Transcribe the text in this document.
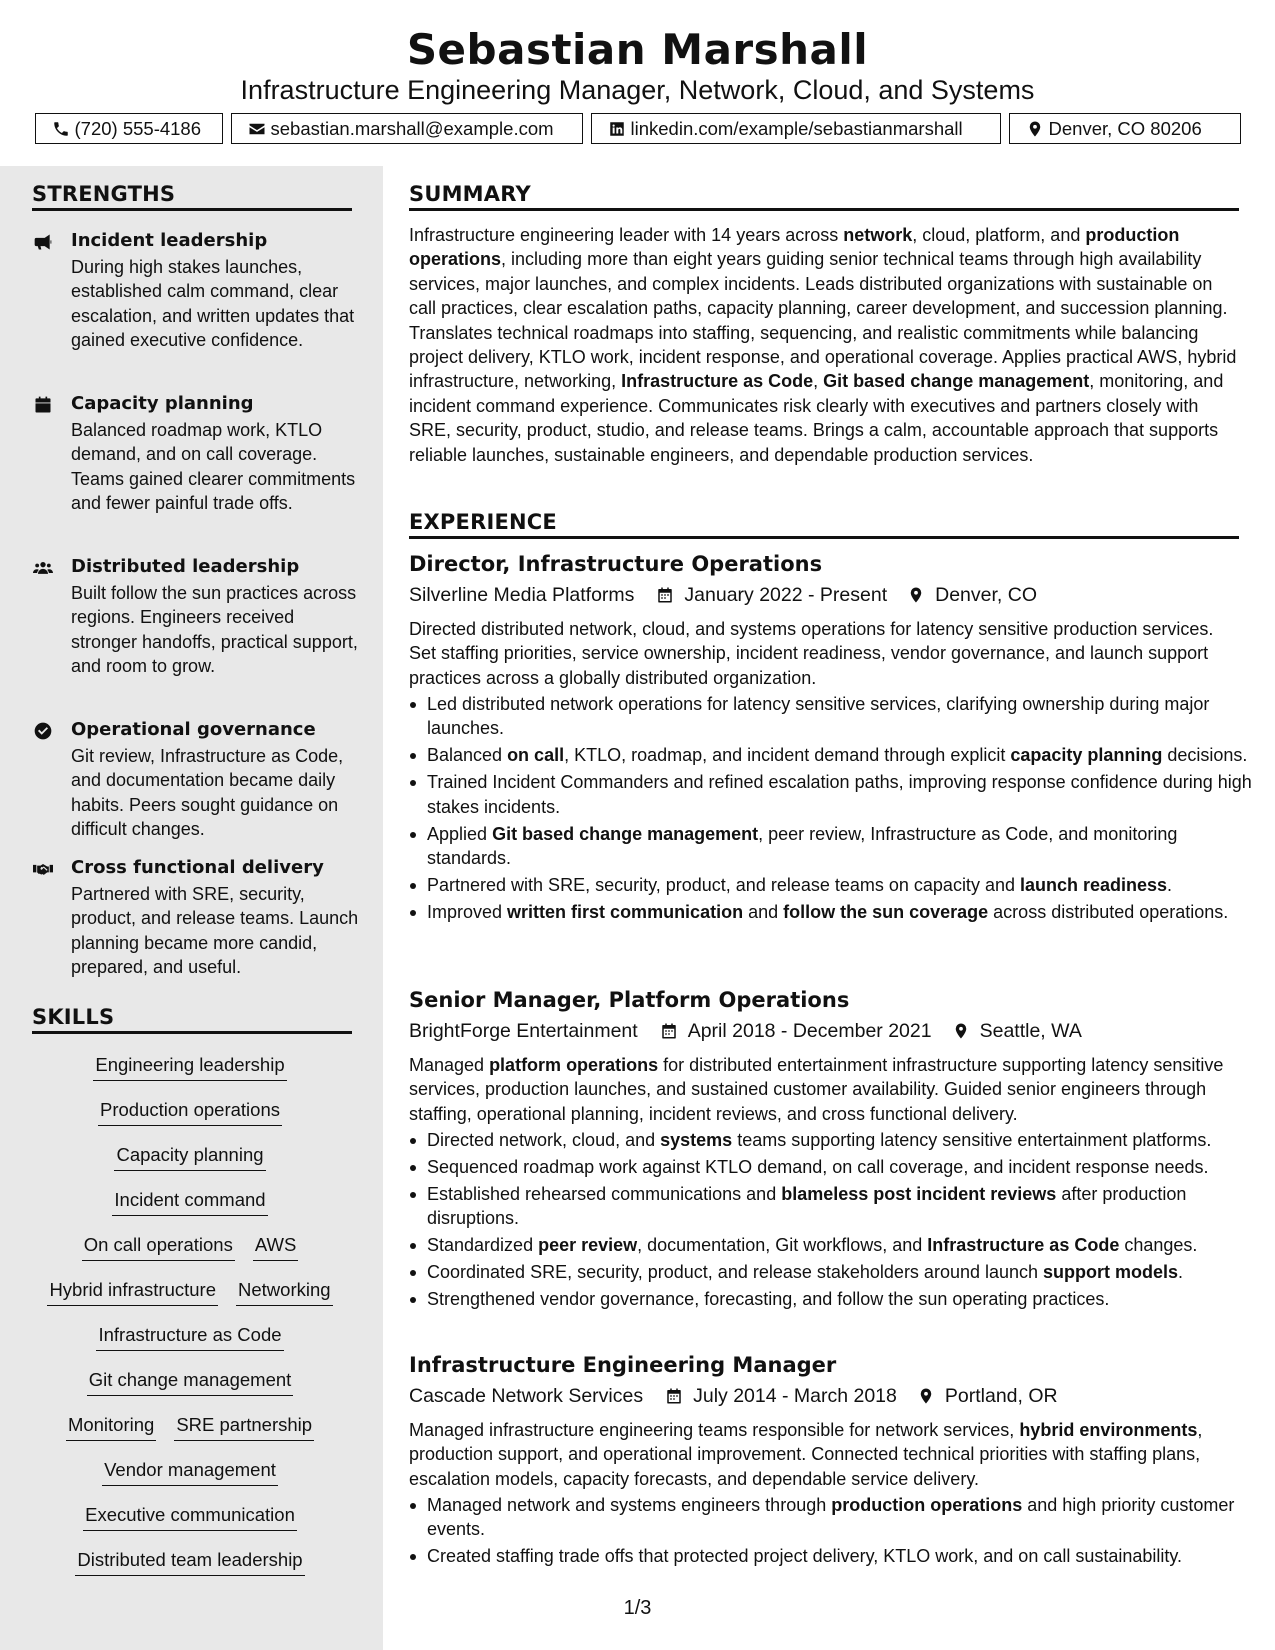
Sebastian Marshall
Infrastructure Engineering Manager, Network, Cloud, and Systems
(720) 555-4186	sebastian.marshall@example.com	linkedin.com/example/sebastianmarshall	Denver, CO 80206
STRENGTHS
Incident leadership
During high stakes launches, established calm command, clear escalation, and written updates that gained executive confidence.
Capacity planning
Balanced roadmap work, KTLO demand, and on call coverage. Teams gained clearer commitments and fewer painful trade offs.
Distributed leadership
Built follow the sun practices across regions. Engineers received stronger handoffs, practical support, and room to grow.
Operational governance
Git review, Infrastructure as Code, and documentation became daily habits. Peers sought guidance on difficult changes.
Cross functional delivery
Partnered with SRE, security, product, and release teams. Launch planning became more candid, prepared, and useful.
SKILLS
Engineering leadership
Production operations
Capacity planning
Incident command
On call operations AWS
Hybrid infrastructure Networking
Infrastructure as Code
Git change management
Monitoring SRE partnership
Vendor management
Executive communication
Distributed team leadership
SUMMARY

Infrastructure engineering leader with 14 years across network, cloud, platform, and production operations, including more than eight years guiding senior technical teams through high availability services, major launches, and complex incidents. Leads distributed organizations with sustainable on call practices, clear escalation paths, capacity planning, career development, and succession planning. Translates technical roadmaps into staffing, sequencing, and realistic commitments while balancing project delivery, KTLO work, incident response, and operational coverage. Applies practical AWS, hybrid infrastructure, networking, Infrastructure as Code, Git based change management, monitoring, and incident command experience. Communicates risk clearly with executives and partners closely with SRE, security, product, studio, and release teams. Brings a calm, accountable approach that supports reliable launches, sustainable engineers, and dependable production services.

EXPERIENCE
Director, Infrastructure Operations
Silverline Media Platforms	January 2022 - Present Denver, CO

Directed distributed network, cloud, and systems operations for latency sensitive production services. Set staffing priorities, service ownership, incident readiness, vendor governance, and launch support practices across a globally distributed organization.

Led distributed network operations for latency sensitive services, clarifying ownership during major launches.
Balanced on call, KTLO, roadmap, and incident demand through explicit capacity planning decisions.
Trained Incident Commanders and refined escalation paths, improving response confidence during high stakes incidents.
Applied Git based change management, peer review, Infrastructure as Code, and monitoring standards.
Partnered with SRE, security, product, and release teams on capacity and launch readiness.
Improved written first communication and follow the sun coverage across distributed operations.
Senior Manager, Platform Operations
BrightForge Entertainment	April 2018 - December 2021 Seattle, WA

Managed platform operations for distributed entertainment infrastructure supporting latency sensitive services, production launches, and sustained customer availability. Guided senior engineers through staffing, operational planning, incident reviews, and cross functional delivery.

Directed network, cloud, and systems teams supporting latency sensitive entertainment platforms.
Sequenced roadmap work against KTLO demand, on call coverage, and incident response needs.
Established rehearsed communications and blameless post incident reviews after production disruptions.
Standardized peer review, documentation, Git workflows, and Infrastructure as Code changes.
Coordinated SRE, security, product, and release stakeholders around launch support models.
Strengthened vendor governance, forecasting, and follow the sun operating practices.
Infrastructure Engineering Manager
Cascade Network Services	July 2014 - March 2018 Portland, OR

Managed infrastructure engineering teams responsible for network services, hybrid environments, production support, and operational improvement. Connected technical priorities with staffing plans, escalation models, capacity forecasts, and dependable service delivery.

Managed network and systems engineers through production operations and high priority customer events.
Created staffing trade offs that protected project delivery, KTLO work, and on call sustainability.
1/3
